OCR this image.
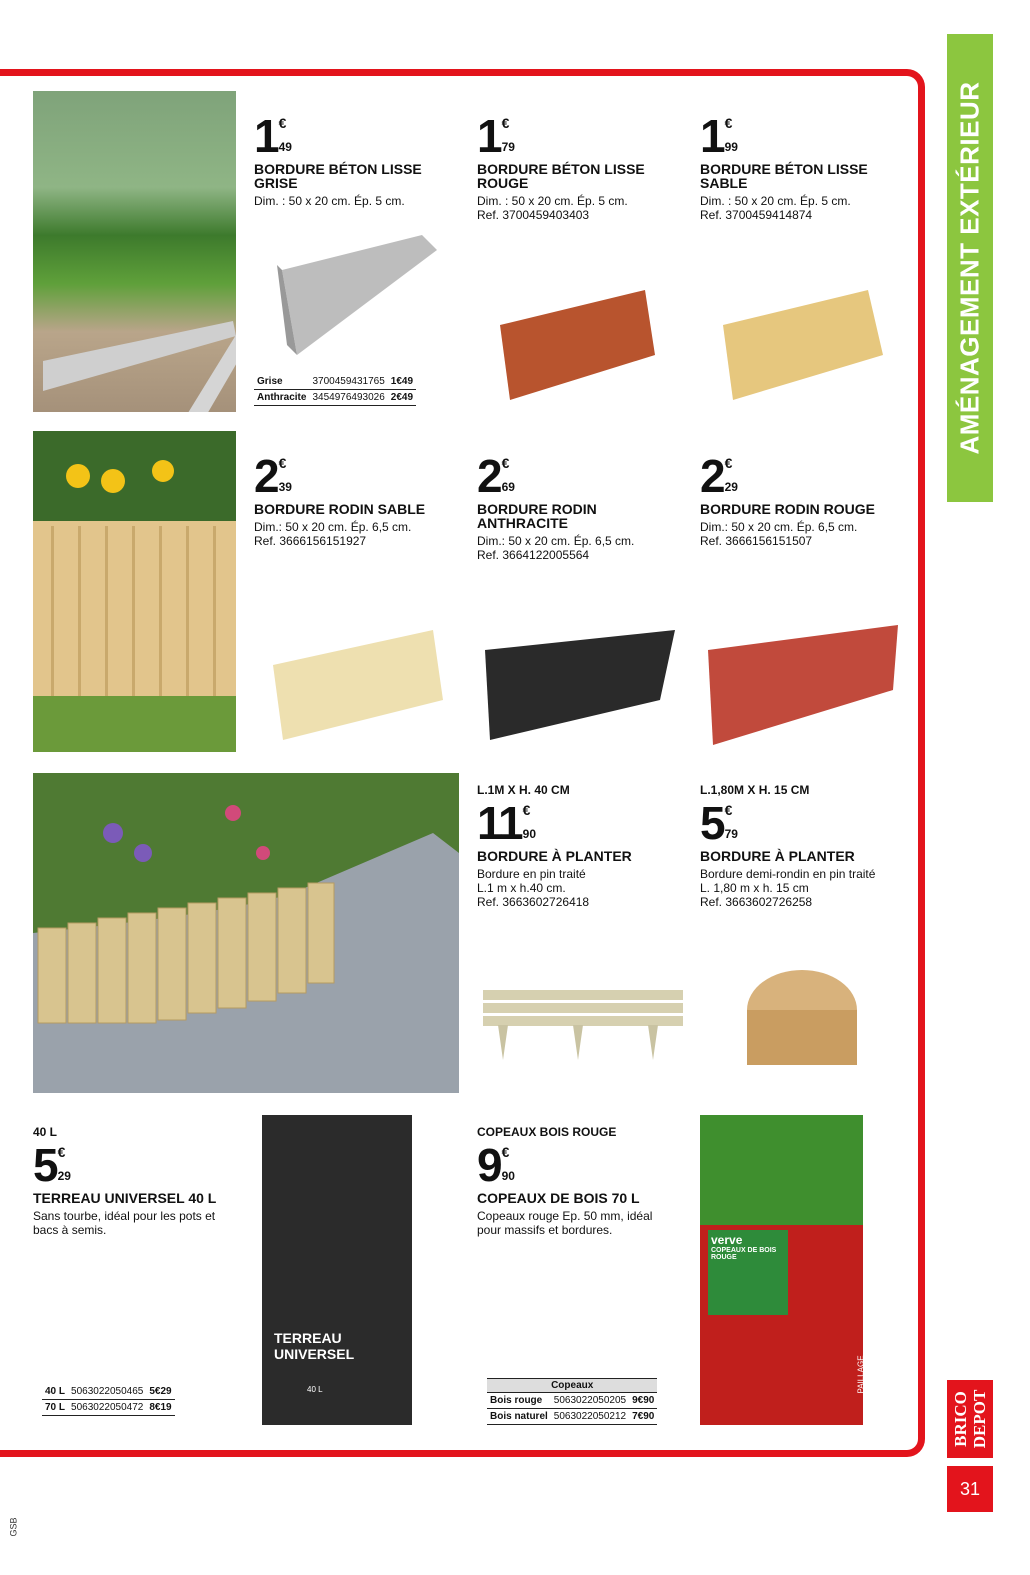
AMÉNAGEMENT EXTÉRIEUR
BRICO DEPOT
31
GSB
TERREAU UNIVERSEL
40 L
verve
COPEAUX DE BOIS ROUGE
PAILLAGE
1 €
49
BORDURE BÉTON LISSE GRISE
Dim. : 50 x 20 cm. Ép. 5 cm.
1 €
79
BORDURE BÉTON LISSE ROUGE
Dim. : 50 x 20 cm. Ép. 5 cm.
Ref. 3700459403403
1 €
99
BORDURE BÉTON LISSE SABLE
Dim. : 50 x 20 cm. Ép. 5 cm.
Ref. 3700459414874
2 €
39
BORDURE RODIN SABLE
Dim.: 50 x 20 cm. Ép. 6,5 cm.
Ref. 3666156151927
2 €
69
BORDURE RODIN ANTHRACITE
Dim.: 50 x 20 cm. Ép. 6,5 cm.
Ref. 3664122005564
2 €
29
BORDURE RODIN ROUGE
Dim.: 50 x 20 cm. Ép. 6,5 cm.
Ref. 3666156151507
L.1M X H. 40 CM
11 €
90
BORDURE À PLANTER
Bordure en pin traité
L.1 m x h.40 cm.
Ref. 3663602726418
L.1,80M X H. 15 CM
5 €
79
BORDURE À PLANTER
Bordure demi-rondin en pin traité
L. 1,80 m x h. 15 cm
Ref. 3663602726258
40 L
5 €
29
TERREAU UNIVERSEL 40 L
Sans tourbe, idéal pour les pots et bacs à semis.
COPEAUX BOIS ROUGE
9 €
90
COPEAUX DE BOIS 70 L
Copeaux rouge Ep. 50 mm, idéal pour massifs et bordures.
Grise	3700459431765	1€49
Anthracite	3454976493026	2€49
40 L	5063022050465	5€29
70 L	5063022050472	8€19
Copeaux		
Bois rouge	5063022050205	9€90
Bois naturel	5063022050212	7€90
